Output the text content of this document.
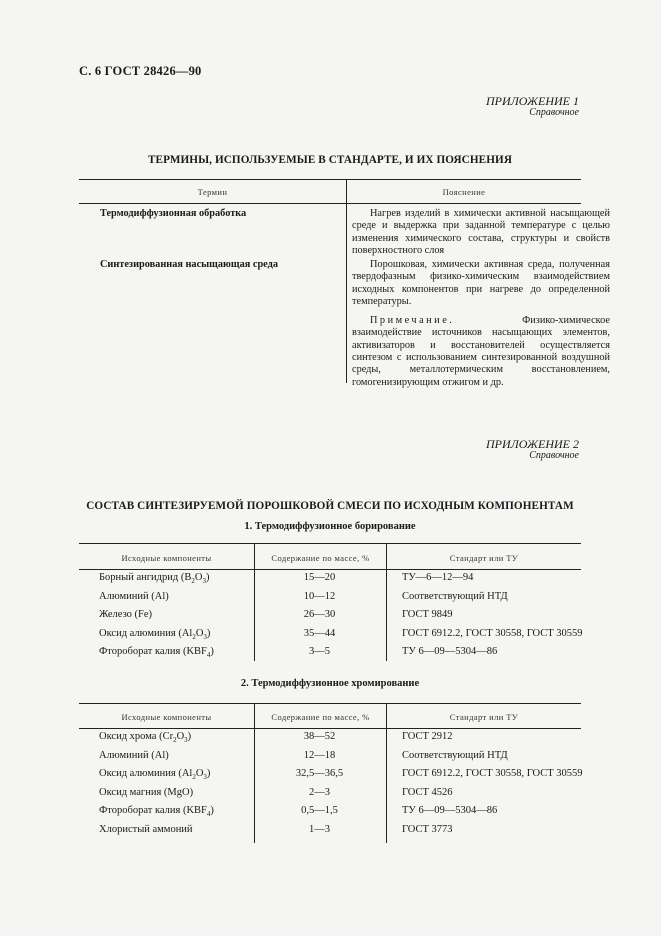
С. 6 ГОСТ 28426—90
ПРИЛОЖЕНИЕ 1
Справочное
ТЕРМИНЫ, ИСПОЛЬЗУЕМЫЕ В СТАНДАРТЕ, И ИХ ПОЯСНЕНИЯ
Термин	Пояснение
Термодиффузионная обработка	Нагрев изделий в химически активной насыщающей среде и выдержка при заданной температуре с целью изменения химического состава, структуры и свойств поверхностного слоя

Синтезированная насыщающая среда	Порошковая, химически активная среда, полученная твердофазным физико-химическим взаимодействием исходных компонентов при нагреве до определенной температуры.

Примечание. Физико-химическое взаимодействие источников насыщающих элементов, активизаторов и восстановителей осуществляется синтезом с использованием синтезированной воздушной среды, металлотермическим восстановлением, гомогенизирующим отжигом и др.

ПРИЛОЖЕНИЕ 2
Справочное
СОСТАВ СИНТЕЗИРУЕМОЙ ПОРОШКОВОЙ СМЕСИ ПО ИСХОДНЫМ КОМПОНЕНТАМ
1. Термодиффузионное борирование
Исходные компоненты	Содержание по массе, %	Стандарт или ТУ
Борный ангидрид $(B_2O_3)$	15—20	ТУ—6—12—94
Алюминий (Al)	10—12	Соответствующий НТД
Железо (Fe)	26—30	ГОСТ 9849
Оксид алюминия $(Al_2O_3)$	35—44	ГОСТ 6912.2, ГОСТ 30558, ГОСТ 30559
Фтороборат калия $(KBF_4)$	3—5	ТУ 6—09—5304—86
2. Термодиффузионное хромирование
Исходные компоненты	Содержание по массе, %	Стандарт или ТУ
Оксид хрома $(Cr_2O_3)$	38—52	ГОСТ 2912
Алюминий (Al)	12—18	Соответствующий НТД
Оксид алюминия $(Al_2O_3)$	32,5—36,5	ГОСТ 6912.2, ГОСТ 30558, ГОСТ 30559
Оксид магния (MgO)	2—3	ГОСТ 4526
Фтороборат калия $(KBF_4)$	0,5—1,5	ТУ 6—09—5304—86
Хлористый аммоний	1—3	ГОСТ 3773
